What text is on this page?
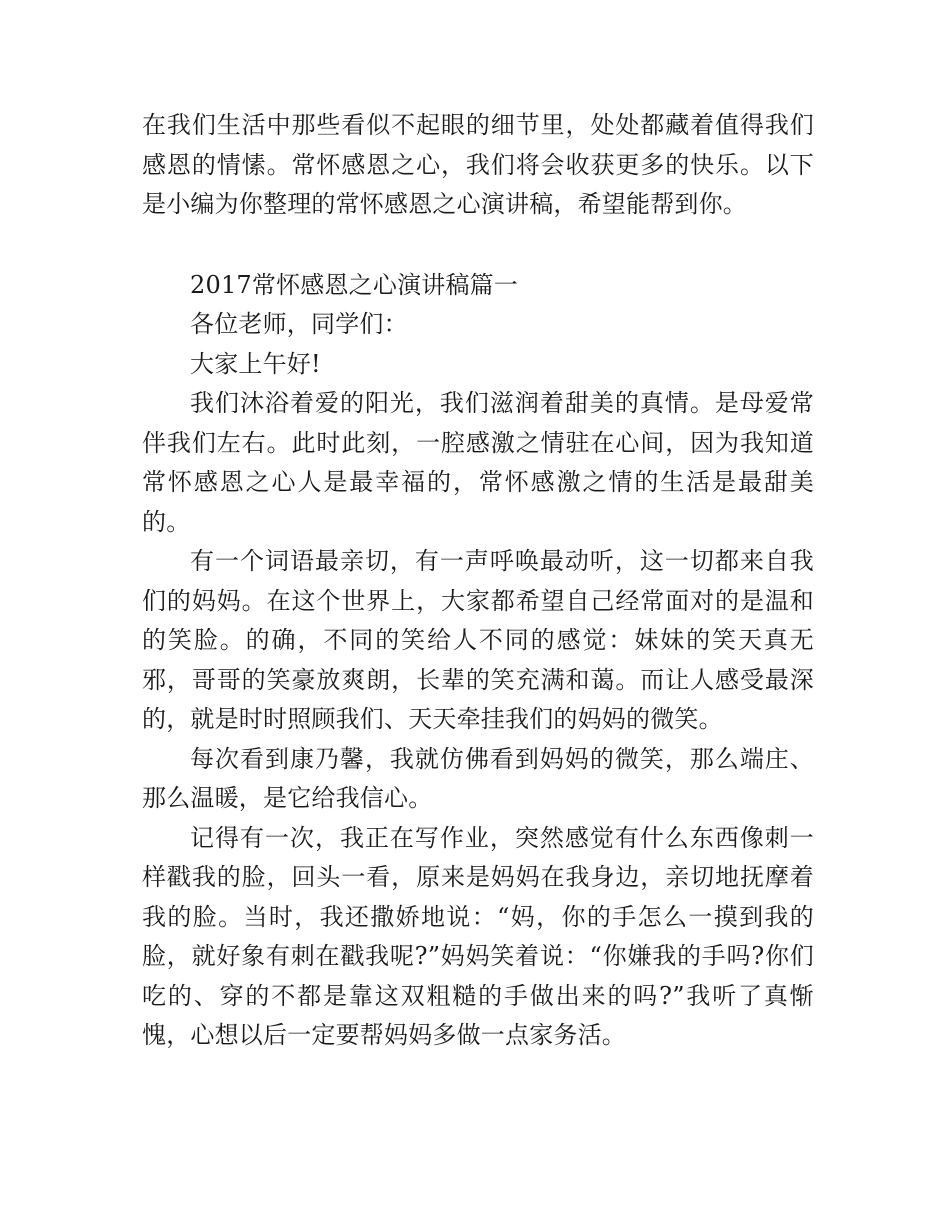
在我们生活中那些看似不起眼的细节里，处处都藏着值得我们感恩的情愫。常怀感恩之心，我们将会收获更多的快乐。以下是小编为你整理的常怀感恩之心演讲稿，希望能帮到你。

2017常怀感恩之心演讲稿篇一

各位老师，同学们：

大家上午好!

我们沐浴着爱的阳光，我们滋润着甜美的真情。是母爱常伴我们左右。此时此刻，一腔感激之情驻在心间，因为我知道常怀感恩之心人是最幸福的，常怀感激之情的生活是最甜美的。

有一个词语最亲切，有一声呼唤最动听，这一切都来自我们的妈妈。在这个世界上，大家都希望自己经常面对的是温和的笑脸。的确，不同的笑给人不同的感觉：妹妹的笑天真无邪，哥哥的笑豪放爽朗，长辈的笑充满和蔼。而让人感受最深的，就是时时照顾我们、天天牵挂我们的妈妈的微笑。

每次看到康乃馨，我就仿佛看到妈妈的微笑，那么端庄、那么温暖，是它给我信心。

记得有一次，我正在写作业，突然感觉有什么东西像刺一样戳我的脸，回头一看，原来是妈妈在我身边，亲切地抚摩着我的脸。当时，我还撒娇地说：“妈，你的手怎么一摸到我的脸，就好象有刺在戳我呢?”妈妈笑着说：“你嫌我的手吗?你们吃的、穿的不都是靠这双粗糙的手做出来的吗?”我听了真惭愧，心想以后一定要帮妈妈多做一点家务活。
